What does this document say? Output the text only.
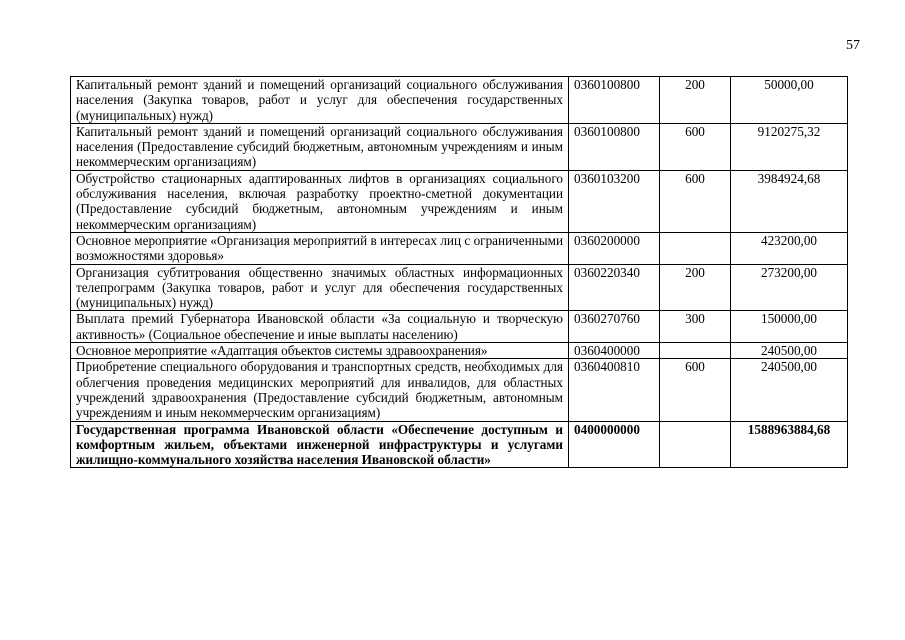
57
Капитальный ремонт зданий и помещений организаций социального обслуживания населения (Закупка товаров, работ и услуг для обеспечения государственных (муниципальных) нужд)	0360100800	200	50000,00
Капитальный ремонт зданий и помещений организаций социального обслуживания населения (Предоставление субсидий бюджетным, автономным учреждениям и иным некоммерческим организациям)	0360100800	600	9120275,32
Обустройство стационарных адаптированных лифтов в организациях социального обслуживания населения, включая разработку проектно-сметной документации (Предоставление субсидий бюджетным, автономным учреждениям и иным некоммерческим организациям)	0360103200	600	3984924,68
Основное мероприятие «Организация мероприятий в интересах лиц с ограниченными возможностями здоровья»	0360200000		423200,00
Организация субтитрования общественно значимых областных информационных телепрограмм (Закупка товаров, работ и услуг для обеспечения государственных (муниципальных) нужд)	0360220340	200	273200,00
Выплата премий Губернатора Ивановской области «За социальную и творческую активность» (Социальное обеспечение и иные выплаты населению)	0360270760	300	150000,00
Основное мероприятие «Адаптация объектов системы здравоохранения»	0360400000		240500,00
Приобретение специального оборудования и транспортных средств, необходимых для облегчения проведения медицинских мероприятий для инвалидов, для областных учреждений здравоохранения (Предоставление субсидий бюджетным, автономным учреждениям и иным некоммерческим организациям)	0360400810	600	240500,00
Государственная программа Ивановской области «Обеспечение доступным и комфортным жильем, объектами инженерной инфраструктуры и услугами жилищно-коммунального хозяйства населения Ивановской области»	0400000000		1588963884,68
